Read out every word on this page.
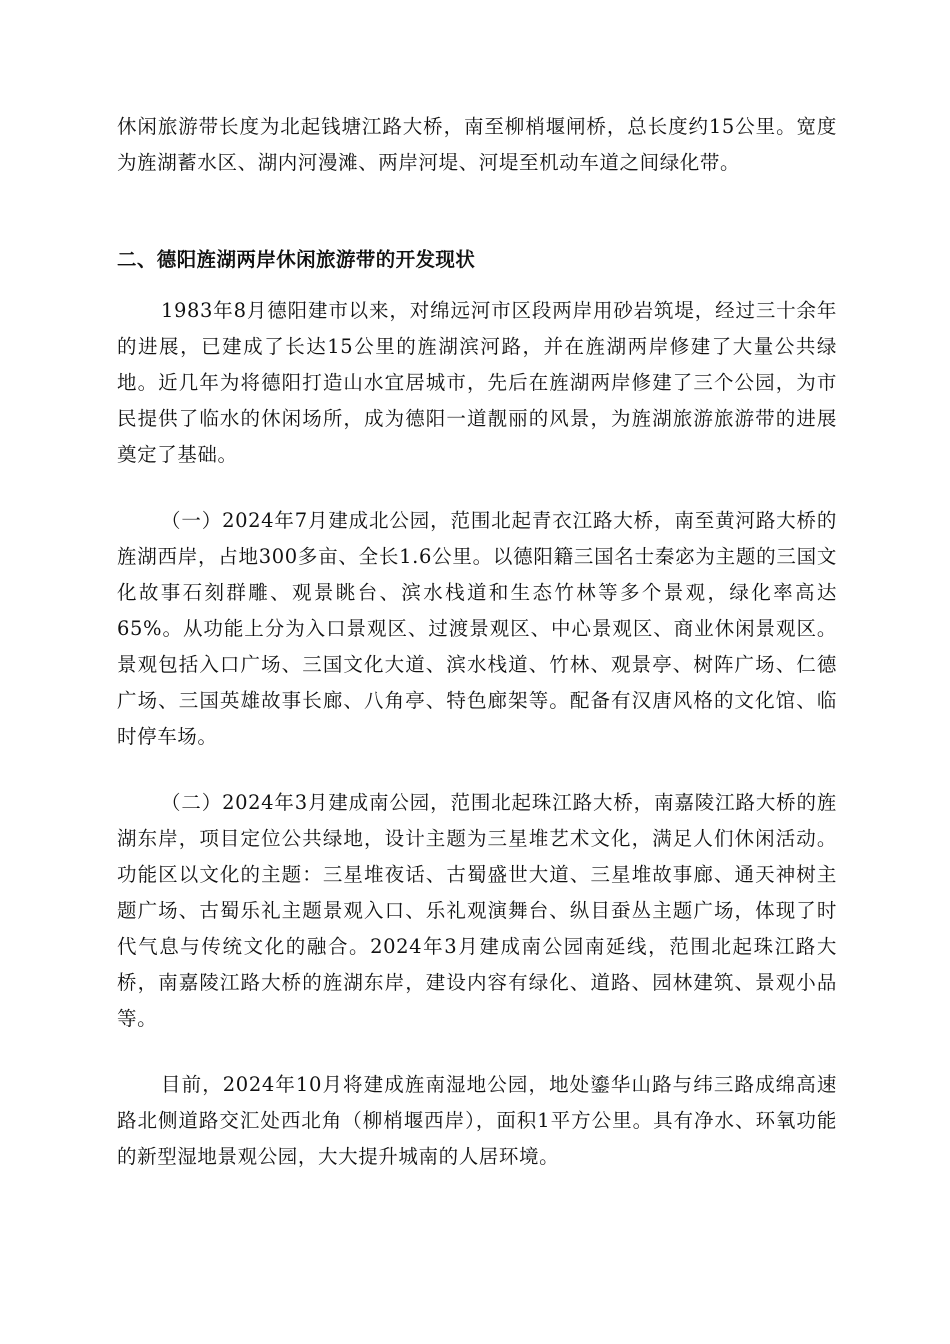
休闲旅游带长度为北起钱塘江路大桥，南至柳梢堰闸桥，总长度约15公里。宽度为旌湖蓄水区、湖内河漫滩、两岸河堤、河堤至机动车道之间绿化带。

二、德阳旌湖两岸休闲旅游带的开发现状

1983年8月德阳建市以来，对绵远河市区段两岸用砂岩筑堤，经过三十余年的进展，已建成了长达15公里的旌湖滨河路，并在旌湖两岸修建了大量公共绿地。近几年为将德阳打造山水宜居城市，先后在旌湖两岸修建了三个公园，为市民提供了临水的休闲场所，成为德阳一道靓丽的风景，为旌湖旅游旅游带的进展奠定了基础。

（一）2024年7月建成北公园，范围北起青衣江路大桥，南至黄河路大桥的旌湖西岸，占地300多亩、全长1.6公里。以德阳籍三国名士秦宓为主题的三国文化故事石刻群雕、观景眺台、滨水栈道和生态竹林等多个景观，绿化率高达65%。从功能上分为入口景观区、过渡景观区、中心景观区、商业休闲景观区。景观包括入口广场、三国文化大道、滨水栈道、竹林、观景亭、树阵广场、仁德广场、三国英雄故事长廊、八角亭、特色廊架等。配备有汉唐风格的文化馆、临时停车场。

（二）2024年3月建成南公园，范围北起珠江路大桥，南嘉陵江路大桥的旌湖东岸，项目定位公共绿地，设计主题为三星堆艺术文化，满足人们休闲活动。功能区以文化的主题：三星堆夜话、古蜀盛世大道、三星堆故事廊、通天神树主题广场、古蜀乐礼主题景观入口、乐礼观演舞台、纵目蚕丛主题广场，体现了时代气息与传统文化的融合。2024年3月建成南公园南延线，范围北起珠江路大桥，南嘉陵江路大桥的旌湖东岸，建设内容有绿化、道路、园林建筑、景观小品等。

目前，2024年10月将建成旌南湿地公园，地处鎏华山路与纬三路成绵高速路北侧道路交汇处西北角（柳梢堰西岸），面积1平方公里。具有净水、环氧功能的新型湿地景观公园，大大提升城南的人居环境。
